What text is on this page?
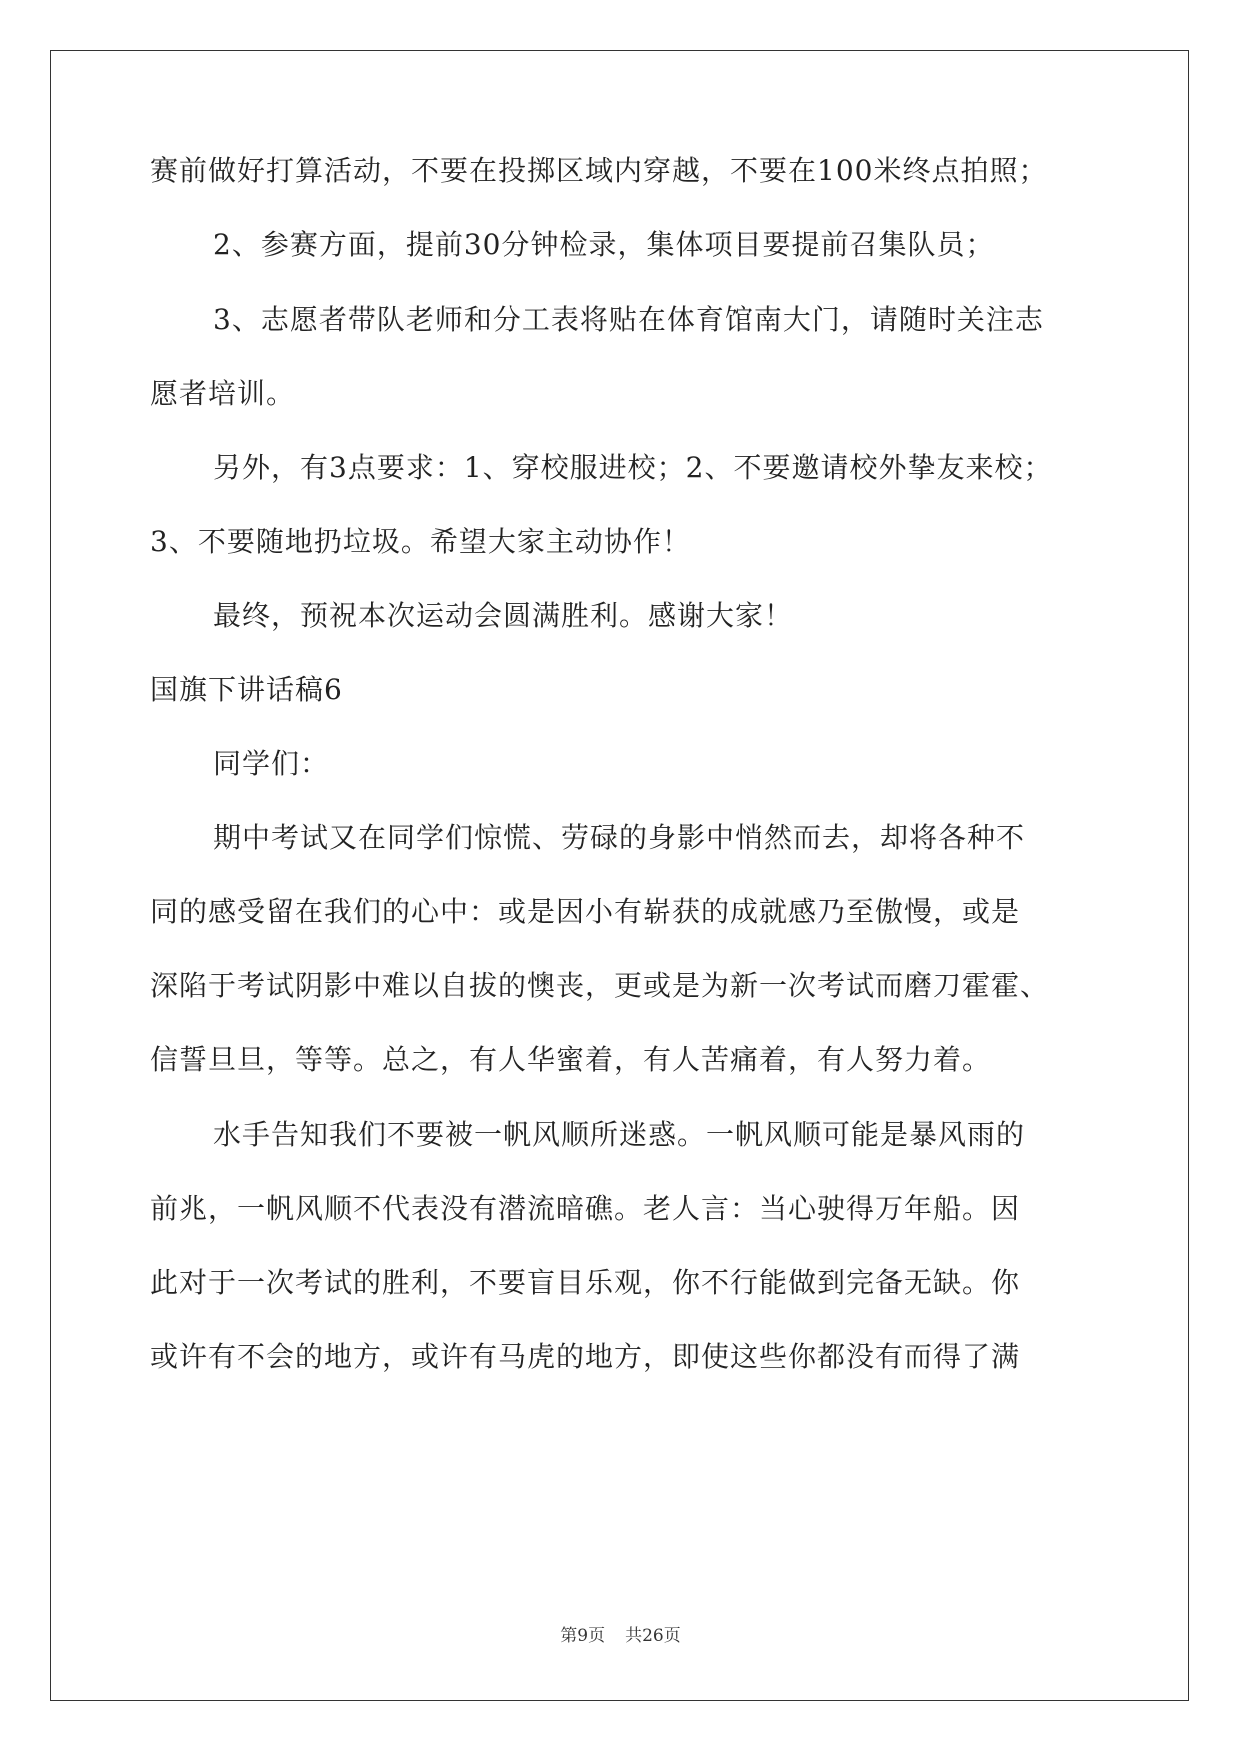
赛前做好打算活动，不要在投掷区域内穿越，不要在100米终点拍照；
2、参赛方面，提前30分钟检录，集体项目要提前召集队员；
3、志愿者带队老师和分工表将贴在体育馆南大门，请随时关注志
愿者培训。
另外，有3点要求：1、穿校服进校；2、不要邀请校外挚友来校；
3、不要随地扔垃圾。希望大家主动协作！
最终，预祝本次运动会圆满胜利。感谢大家！
国旗下讲话稿6
同学们：
期中考试又在同学们惊慌、劳碌的身影中悄然而去，却将各种不
同的感受留在我们的心中：或是因小有崭获的成就感乃至傲慢，或是
深陷于考试阴影中难以自拔的懊丧，更或是为新一次考试而磨刀霍霍、
信誓旦旦，等等。总之，有人华蜜着，有人苦痛着，有人努力着。
水手告知我们不要被一帆风顺所迷惑。一帆风顺可能是暴风雨的
前兆，一帆风顺不代表没有潜流暗礁。老人言：当心驶得万年船。因
此对于一次考试的胜利，不要盲目乐观，你不行能做到完备无缺。你
或许有不会的地方，或许有马虎的地方，即使这些你都没有而得了满
第9页 共26页
